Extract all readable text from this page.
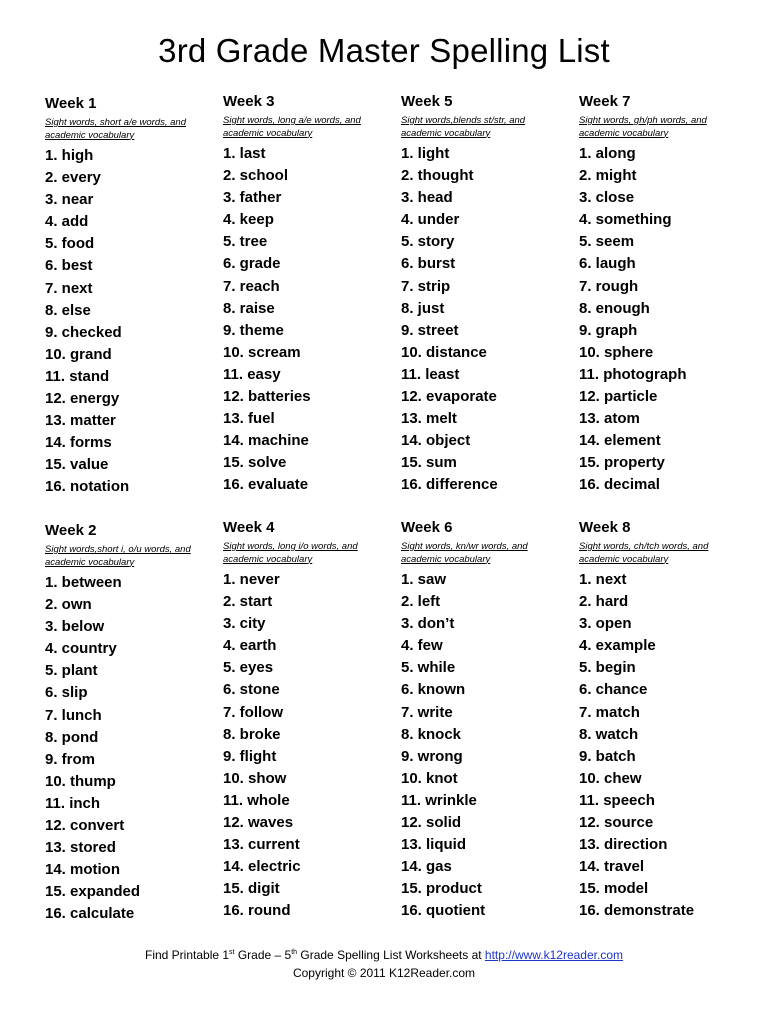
3rd Grade Master Spelling List
Week 1
Sight words, short a/e words, and academic vocabulary
1. high
2. every
3. near
4. add
5. food
6. best
7. next
8. else
9. checked
10. grand
11. stand
12. energy
13. matter
14. forms
15. value
16. notation
Week 3
Sight words, long a/e words, and academic vocabulary
1. last
2. school
3. father
4. keep
5. tree
6. grade
7. reach
8. raise
9. theme
10. scream
11. easy
12. batteries
13. fuel
14. machine
15. solve
16. evaluate
Week 5
Sight words,blends st/str, and academic vocabulary
1. light
2. thought
3. head
4. under
5. story
6. burst
7. strip
8. just
9. street
10. distance
11. least
12. evaporate
13. melt
14. object
15. sum
16. difference
Week 7
Sight words, gh/ph words, and academic vocabulary
1. along
2. might
3. close
4. something
5. seem
6. laugh
7. rough
8. enough
9. graph
10. sphere
11. photograph
12. particle
13. atom
14. element
15. property
16. decimal
Week 2
Sight words,short i, o/u words, and academic vocabulary
1. between
2. own
3. below
4. country
5. plant
6. slip
7. lunch
8. pond
9. from
10. thump
11. inch
12. convert
13. stored
14. motion
15. expanded
16. calculate
Week 4
Sight words, long i/o words, and academic vocabulary
1. never
2. start
3. city
4. earth
5. eyes
6. stone
7. follow
8. broke
9. flight
10. show
11. whole
12. waves
13. current
14. electric
15. digit
16. round
Week 6
Sight words, kn/wr words, and academic vocabulary
1. saw
2. left
3. don’t
4. few
5. while
6. known
7. write
8. knock
9. wrong
10. knot
11. wrinkle
12. solid
13. liquid
14. gas
15. product
16. quotient
Week 8
Sight words, ch/tch words, and academic vocabulary
1. next
2. hard
3. open
4. example
5. begin
6. chance
7. match
8. watch
9. batch
10. chew
11. speech
12. source
13. direction
14. travel
15. model
16. demonstrate
Find Printable 1st Grade – 5th Grade Spelling List Worksheets at http://www.k12reader.com
Copyright © 2011 K12Reader.com
